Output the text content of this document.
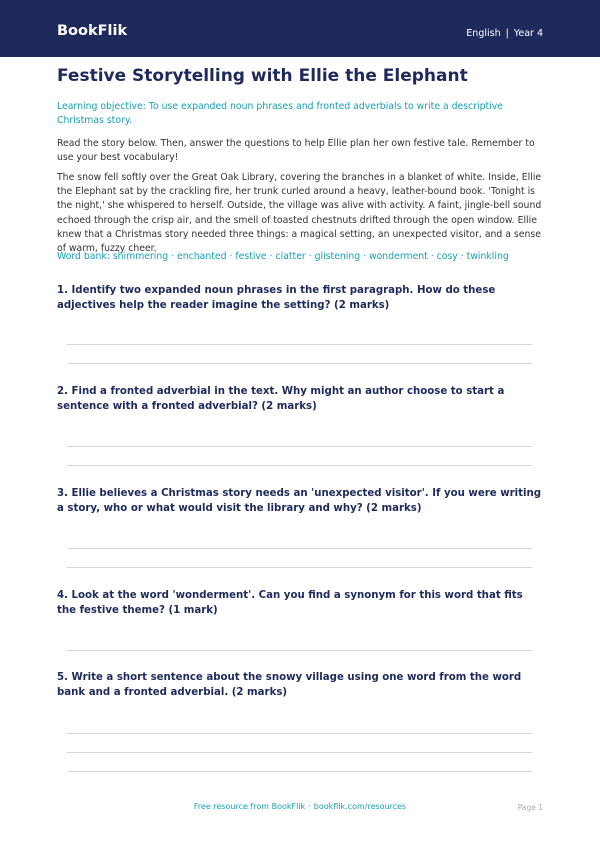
BookFlik	English | Year 4
Festive Storytelling with Ellie the Elephant
Learning objective: To use expanded noun phrases and fronted adverbials to write a descriptive Christmas story.
Read the story below. Then, answer the questions to help Ellie plan her own festive tale. Remember to use your best vocabulary!
The snow fell softly over the Great Oak Library, covering the branches in a blanket of white. Inside, Ellie the Elephant sat by the crackling fire, her trunk curled around a heavy, leather-bound book. 'Tonight is the night,' she whispered to herself. Outside, the village was alive with activity. A faint, jingle-bell sound echoed through the crisp air, and the smell of toasted chestnuts drifted through the open window. Ellie knew that a Christmas story needed three things: a magical setting, an unexpected visitor, and a sense of warm, fuzzy cheer.
Word bank: shimmering · enchanted · festive · clatter · glistening · wonderment · cosy · twinkling
1. Identify two expanded noun phrases in the first paragraph. How do these adjectives help the reader imagine the setting? (2 marks)
2. Find a fronted adverbial in the text. Why might an author choose to start a sentence with a fronted adverbial? (2 marks)
3. Ellie believes a Christmas story needs an 'unexpected visitor'. If you were writing a story, who or what would visit the library and why? (2 marks)
4. Look at the word 'wonderment'. Can you find a synonym for this word that fits the festive theme? (1 mark)
5. Write a short sentence about the snowy village using one word from the word bank and a fronted adverbial. (2 marks)
Free resource from BookFlik · bookflik.com/resources	Page 1
